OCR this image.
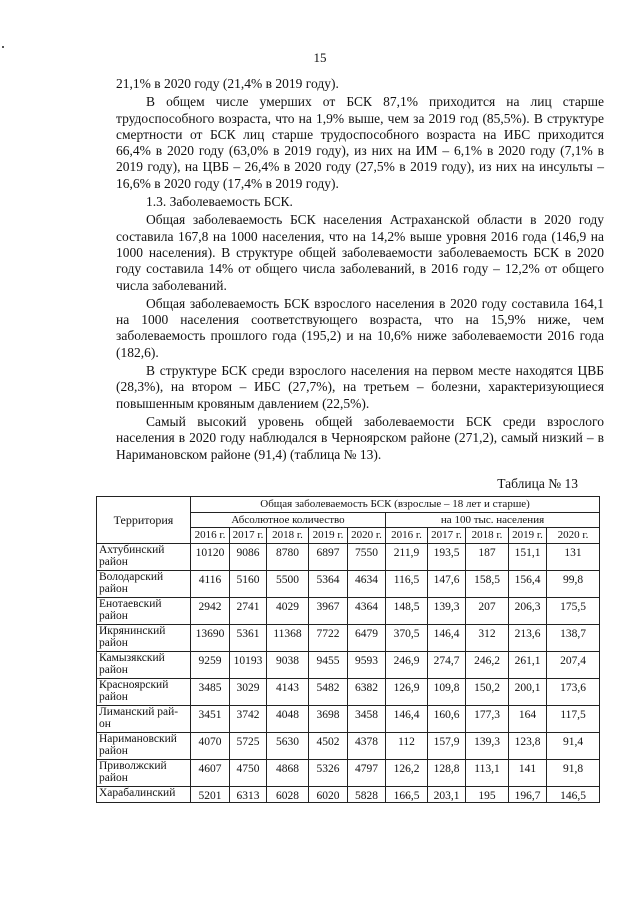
15

21,1% в 2020 году (21,4% в 2019 году).

В общем числе умерших от БСК 87,1% приходится на лиц старше трудоспособного возраста, что на 1,9% выше, чем за 2019 год (85,5%). В структуре смертности от БСК лиц старше трудоспособного возраста на ИБС приходится 66,4% в 2020 году (63,0% в 2019 году), из них на ИМ – 6,1% в 2020 году (7,1% в 2019 году), на ЦВБ – 26,4% в 2020 году (27,5% в 2019 году), из них на инсульты – 16,6% в 2020 году (17,4% в 2019 году).

1.3. Заболеваемость БСК.

Общая заболеваемость БСК населения Астраханской области в 2020 году составила 167,8 на 1000 населения, что на 14,2% выше уровня 2016 года (146,9 на 1000 населения). В структуре общей заболеваемости заболеваемость БСК в 2020 году составила 14% от общего числа заболеваний, в 2016 году – 12,2% от общего числа заболеваний.

Общая заболеваемость БСК взрослого населения в 2020 году составила 164,1 на 1000 населения соответствующего возраста, что на 15,9% ниже, чем заболеваемость прошлого года (195,2) и на 10,6% ниже заболеваемости 2016 года (182,6).

В структуре БСК среди взрослого населения на первом месте находятся ЦВБ (28,3%), на втором – ИБС (27,7%), на третьем – болезни, характеризующиеся повышенным кровяным давлением (22,5%).

Самый высокий уровень общей заболеваемости БСК среди взрослого населения в 2020 году наблюдался в Черноярском районе (271,2), самый низкий – в Наримановском районе (91,4) (таблица № 13).

Таблица № 13
Территория	Общая заболеваемость БСК (взрослые – 18 лет и старше)									
	Абсолютное количество					на 100 тыс. населения				
	2016 г.	2017 г.	2018 г.	2019 г.	2020 г.	2016 г.	2017 г.	2018 г.	2019 г.	2020 г.
Ахтубинский район	10120	9086	8780	6897	7550	211,9	193,5	187	151,1	131
Володарский район	4116	5160	5500	5364	4634	116,5	147,6	158,5	156,4	99,8
Енотаевский район	2942	2741	4029	3967	4364	148,5	139,3	207	206,3	175,5
Икрянинский район	13690	5361	11368	7722	6479	370,5	146,4	312	213,6	138,7
Камызякский район	9259	10193	9038	9455	9593	246,9	274,7	246,2	261,1	207,4
Красноярский район	3485	3029	4143	5482	6382	126,9	109,8	150,2	200,1	173,6
Лиманский рай-он	3451	3742	4048	3698	3458	146,4	160,6	177,3	164	117,5
Наримановский район	4070	5725	5630	4502	4378	112	157,9	139,3	123,8	91,4
Приволжский район	4607	4750	4868	5326	4797	126,2	128,8	113,1	141	91,8
Харабалинский	5201	6313	6028	6020	5828	166,5	203,1	195	196,7	146,5
